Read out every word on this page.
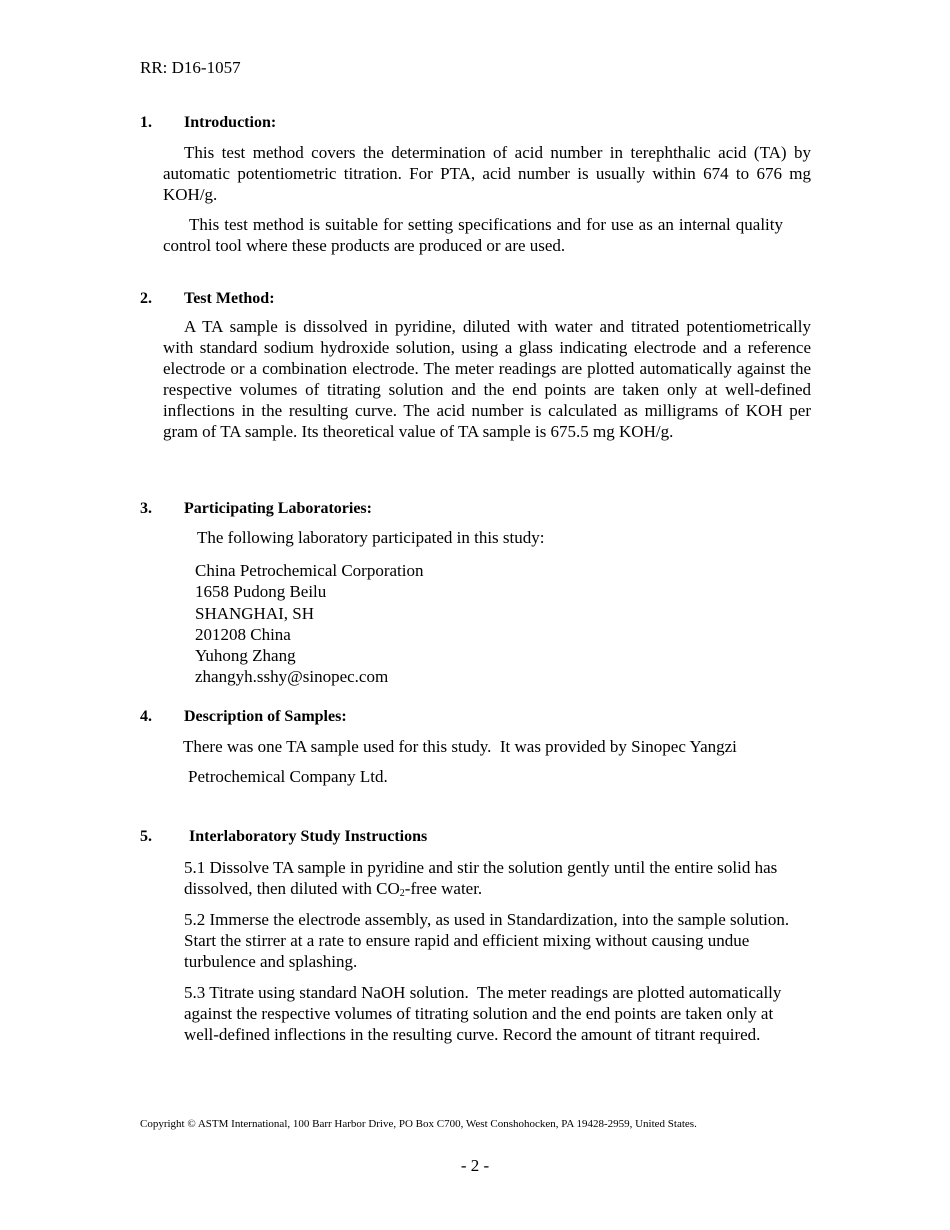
RR: D16-1057
1. Introduction:
This test method covers the determination of acid number in terephthalic acid (TA) by automatic potentiometric titration. For PTA, acid number is usually within 674 to 676 mg KOH/g.
This test method is suitable for setting specifications and for use as an internal quality control tool where these products are produced or are used.
2. Test Method:
A TA sample is dissolved in pyridine, diluted with water and titrated potentiometrically with standard sodium hydroxide solution, using a glass indicating electrode and a reference electrode or a combination electrode. The meter readings are plotted automatically against the respective volumes of titrating solution and the end points are taken only at well-defined inflections in the resulting curve. The acid number is calculated as milligrams of KOH per gram of TA sample. Its theoretical value of TA sample is 675.5 mg KOH/g.
3. Participating Laboratories:
The following laboratory participated in this study:
China Petrochemical Corporation
1658 Pudong Beilu
SHANGHAI, SH
201208 China
Yuhong Zhang
zhangyh.sshy@sinopec.com
4. Description of Samples:
There was one TA sample used for this study.  It was provided by Sinopec Yangzi
Petrochemical Company Ltd.
5. Interlaboratory Study Instructions
5.1 Dissolve TA sample in pyridine and stir the solution gently until the entire solid has dissolved, then diluted with $CO_2$-free water.
5.2 Immerse the electrode assembly, as used in Standardization, into the sample solution.  Start the stirrer at a rate to ensure rapid and efficient mixing without causing undue turbulence and splashing.
5.3 Titrate using standard NaOH solution.  The meter readings are plotted automatically against the respective volumes of titrating solution and the end points are taken only at well-defined inflections in the resulting curve. Record the amount of titrant required.
Copyright © ASTM International, 100 Barr Harbor Drive, PO Box C700, West Conshohocken, PA 19428-2959, United States.
- 2 -
